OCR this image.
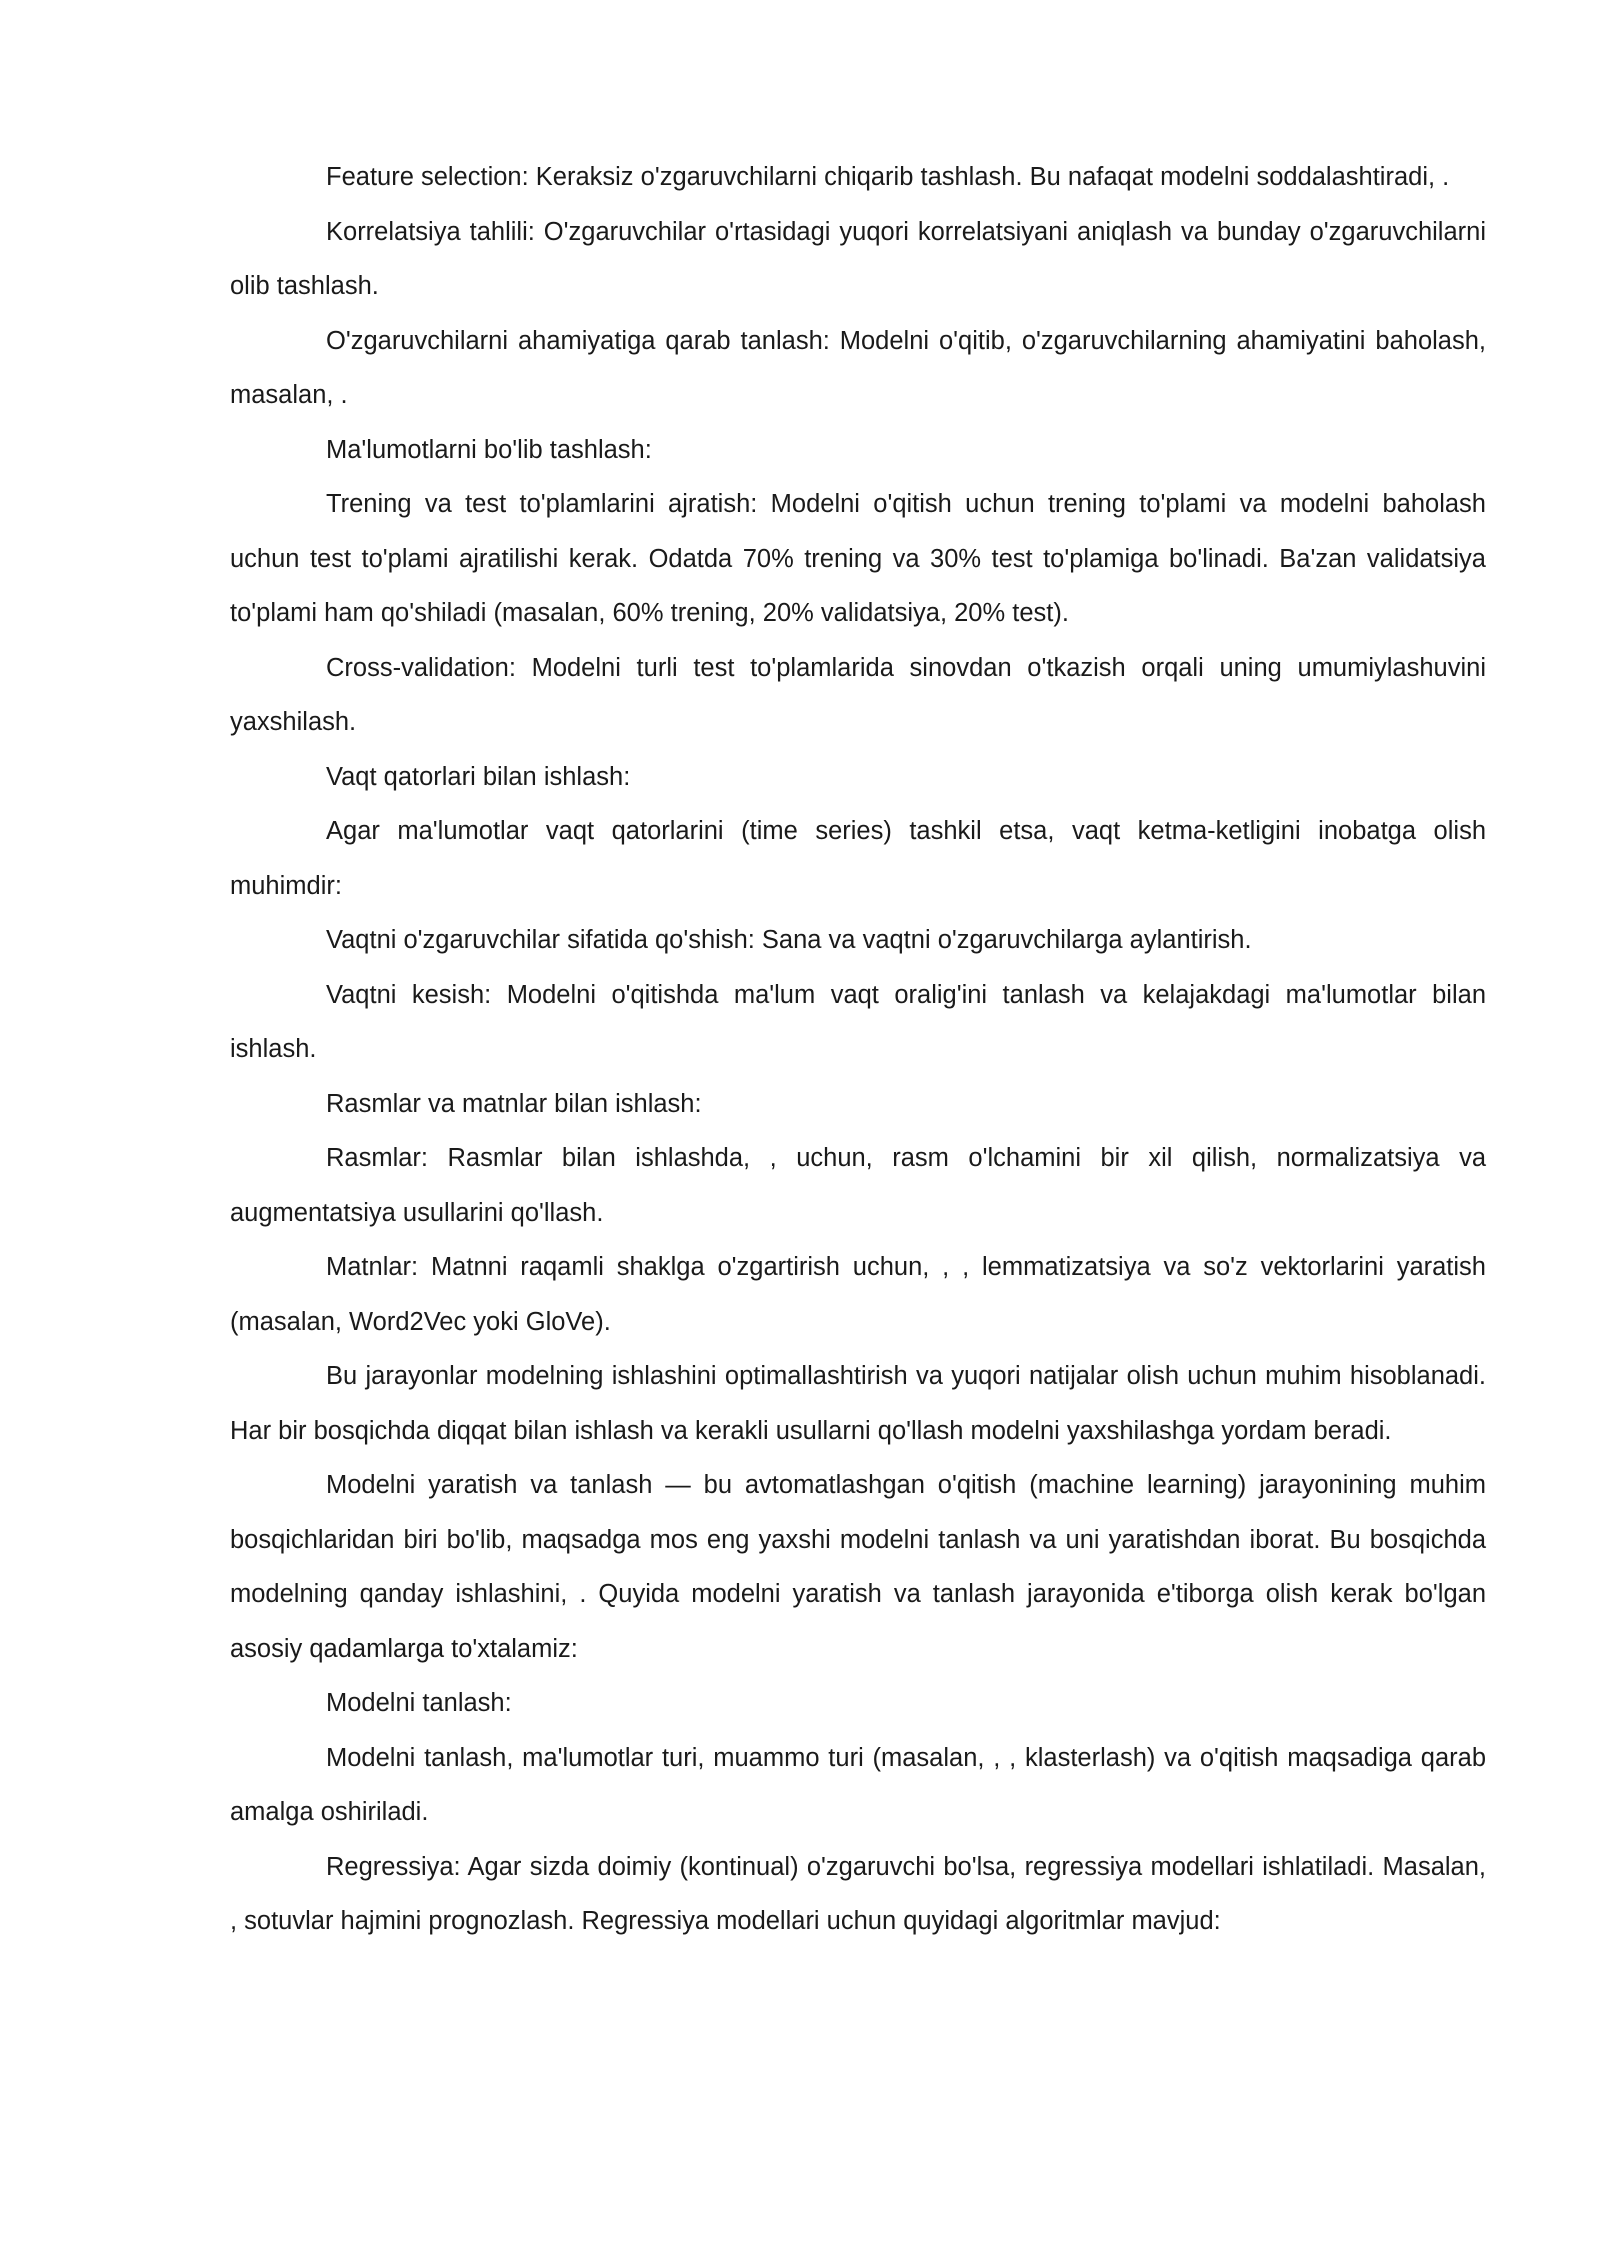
Feature selection: Keraksiz o'zgaruvchilarni chiqarib tashlash. Bu nafaqat modelni soddalashtiradi, .

Korrelatsiya tahlili: O'zgaruvchilar o'rtasidagi yuqori korrelatsiyani aniqlash va bunday o'zgaruvchilarni olib tashlash.

O'zgaruvchilarni ahamiyatiga qarab tanlash: Modelni o'qitib, o'zgaruvchilarning ahamiyatini baholash, masalan, .

Ma'lumotlarni bo'lib tashlash:

Trening va test to'plamlarini ajratish: Modelni o'qitish uchun trening to'plami va modelni baholash uchun test to'plami ajratilishi kerak. Odatda 70% trening va 30% test to'plamiga bo'linadi. Ba'zan validatsiya to'plami ham qo'shiladi (masalan, 60% trening, 20% validatsiya, 20% test).

Cross-validation: Modelni turli test to'plamlarida sinovdan o'tkazish orqali uning umumiylashuvini yaxshilash.

Vaqt qatorlari bilan ishlash:

Agar ma'lumotlar vaqt qatorlarini (time series) tashkil etsa, vaqt ketma-ketligini inobatga olish muhimdir:

Vaqtni o'zgaruvchilar sifatida qo'shish: Sana va vaqtni o'zgaruvchilarga aylantirish.

Vaqtni kesish: Modelni o'qitishda ma'lum vaqt oralig'ini tanlash va kelajakdagi ma'lumotlar bilan ishlash.

Rasmlar va matnlar bilan ishlash:

Rasmlar: Rasmlar bilan ishlashda, , uchun, rasm o'lchamini bir xil qilish, normalizatsiya va augmentatsiya usullarini qo'llash.

Matnlar: Matnni raqamli shaklga o'zgartirish uchun, , , lemmatizatsiya va so'z vektorlarini yaratish (masalan, Word2Vec yoki GloVe).

Bu jarayonlar modelning ishlashini optimallashtirish va yuqori natijalar olish uchun muhim hisoblanadi. Har bir bosqichda diqqat bilan ishlash va kerakli usullarni qo'llash modelni yaxshilashga yordam beradi.

Modelni yaratish va tanlash — bu avtomatlashgan o'qitish (machine learning) jarayonining muhim bosqichlaridan biri bo'lib, maqsadga mos eng yaxshi modelni tanlash va uni yaratishdan iborat. Bu bosqichda modelning qanday ishlashini, . Quyida modelni yaratish va tanlash jarayonida e'tiborga olish kerak bo'lgan asosiy qadamlarga to'xtalamiz:

Modelni tanlash:

Modelni tanlash, ma'lumotlar turi, muammo turi (masalan, , , klasterlash) va o'qitish maqsadiga qarab amalga oshiriladi.

Regressiya: Agar sizda doimiy (kontinual) o'zgaruvchi bo'lsa, regressiya modellari ishlatiladi. Masalan, , sotuvlar hajmini prognozlash. Regressiya modellari uchun quyidagi algoritmlar mavjud:
